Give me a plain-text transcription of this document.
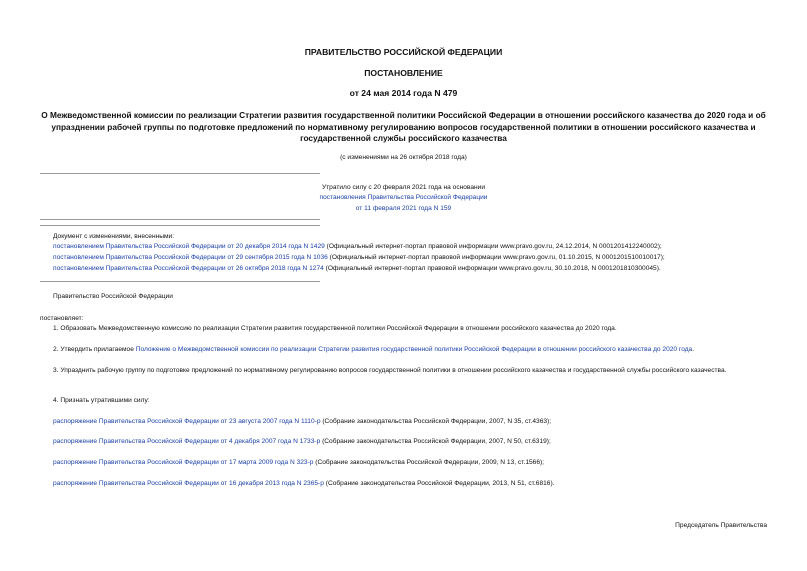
ПРАВИТЕЛЬСТВО РОССИЙСКОЙ ФЕДЕРАЦИИ
ПОСТАНОВЛЕНИЕ
от 24 мая 2014 года N 479
О Межведомственной комиссии по реализации Стратегии развития государственной политики Российской Федерации в отношении российского казачества до 2020 года и об упразднении рабочей группы по подготовке предложений по нормативному регулированию вопросов государственной политики в отношении российского казачества и государственной службы российского казачества
(с изменениями на 26 октября 2018 года)
Утратило силу с 20 февраля 2021 года на основании
постановления Правительства Российской Федерации
от 11 февраля 2021 года N 159
Документ с изменениями, внесенными:
постановлением Правительства Российской Федерации от 20 декабря 2014 года N 1429 (Официальный интернет-портал правовой информации www.pravo.gov.ru, 24.12.2014, N 0001201412240002);
постановлением Правительства Российской Федерации от 29 сентября 2015 года N 1036 (Официальный интернет-портал правовой информации www.pravo.gov.ru, 01.10.2015, N 0001201510010017);
постановлением Правительства Российской Федерации от 26 октября 2018 года N 1274 (Официальный интернет-портал правовой информации www.pravo.gov.ru, 30.10.2018, N 0001201810300045).
Правительство Российской Федерации
постановляет:
1. Образовать Межведомственную комиссию по реализации Стратегии развития государственной политики Российской Федерации в отношении российского казачества до 2020 года.
2. Утвердить прилагаемое Положение о Межведомственной комиссии по реализации Стратегии развития государственной политики Российской Федерации в отношении российского казачества до 2020 года.
3. Упразднить рабочую группу по подготовке предложений по нормативному регулированию вопросов государственной политики в отношении российского казачества и государственной службы российского казачества.
4. Признать утратившими силу:
распоряжение Правительства Российской Федерации от 23 августа 2007 года N 1110-р (Собрание законодательства Российской Федерации, 2007, N 35, ст.4363);
распоряжение Правительства Российской Федерации от 4 декабря 2007 года N 1733-р (Собрание законодательства Российской Федерации, 2007, N 50, ст.6319);
распоряжение Правительства Российской Федерации от 17 марта 2009 года N 323-р (Собрание законодательства Российской Федерации, 2009, N 13, ст.1566);
распоряжение Правительства Российской Федерации от 16 декабря 2013 года N 2365-р (Собрание законодательства Российской Федерации, 2013, N 51, ст.6816).
Председатель Правительства
